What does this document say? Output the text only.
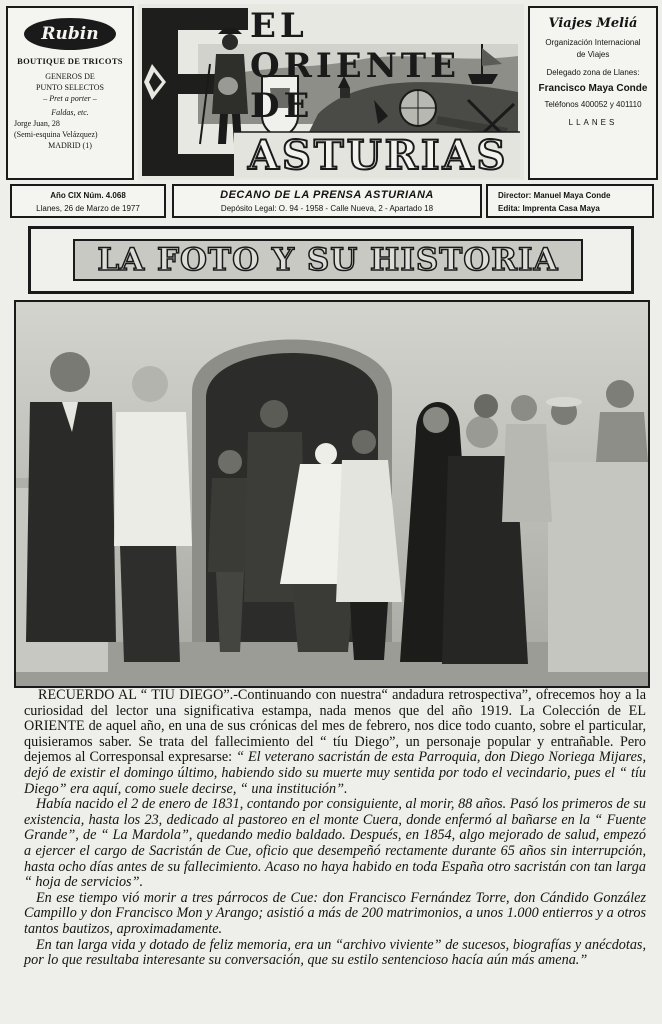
Rubin
BOUTIQUE DE TRICOTS
GENEROS DE
PUNTO SELECTOS
– Pret a porter –
Faldas, etc.
Jorge Juan, 28
(Semi-esquina Velázquez)
MADRID (1)
EL ORIENTE DE
ASTURIAS
Viajes Meliá
Organización Internacional
de Viajes
Delegado zona de Llanes:
Francisco Maya Conde
Teléfonos 400052 y 401110
LLANES
Año CIX Núm. 4.068
Llanes, 26 de Marzo de 1977
DECANO DE LA PRENSA ASTURIANA
Depósito Legal: O. 94 - 1958 - Calle Nueva, 2 - Apartado 18
Director: Manuel Maya Conde
Edita: Imprenta Casa Maya
LA FOTO Y SU HISTORIA

RECUERDO AL “ TIU DIEGO”.-Continuando con nuestra“ andadura retrospectiva”, ofrecemos hoy a la curiosidad del lector una significativa estampa, nada menos que del año 1919. La Colección de EL ORIENTE de aquel año, en una de sus crónicas del mes de febrero, nos dice todo cuanto, sobre el particular, quisieramos saber. Se trata del fallecimiento del “ tíu Diego”, un personaje popular y entrañable. Pero dejemos al Corresponsal expresarse: “ El veterano sacristán de esta Parroquia, don Diego Noriega Mijares, dejó de existir el domingo último, habiendo sido su muerte muy sentida por todo el vecindario, pues el “ tíu Diego” era aquí, como suele decirse, “ una institución”.

Había nacido el 2 de enero de 1831, contando por consiguiente, al morir, 88 años. Pasó los primeros de su existencia, hasta los 23, dedicado al pastoreo en el monte Cuera, donde enfermó al bañarse en la “ Fuente Grande”, de “ La Mardola”, quedando medio baldado. Después, en 1854, algo mejorado de salud, empezó a ejercer el cargo de Sacristán de Cue, oficio que desempeñó rectamente durante 65 años sin interrupción, hasta ocho días antes de su fallecimiento. Acaso no haya habido en toda España otro sacristán con tan larga “ hoja de servicios”.

En ese tiempo vió morir a tres párrocos de Cue: don Francisco Fernández Torre, don Cándido González Campillo y don Francisco Mon y Arango; asistió a más de 200 matrimonios, a unos 1.000 entierros y a otros tantos bautizos, aproximadamente.

En tan larga vida y dotado de feliz memoria, era un “archivo viviente” de sucesos, biografías y anécdotas, por lo que resultaba interesante su conversación, que su estilo sentencioso hacía aún más amena.”
